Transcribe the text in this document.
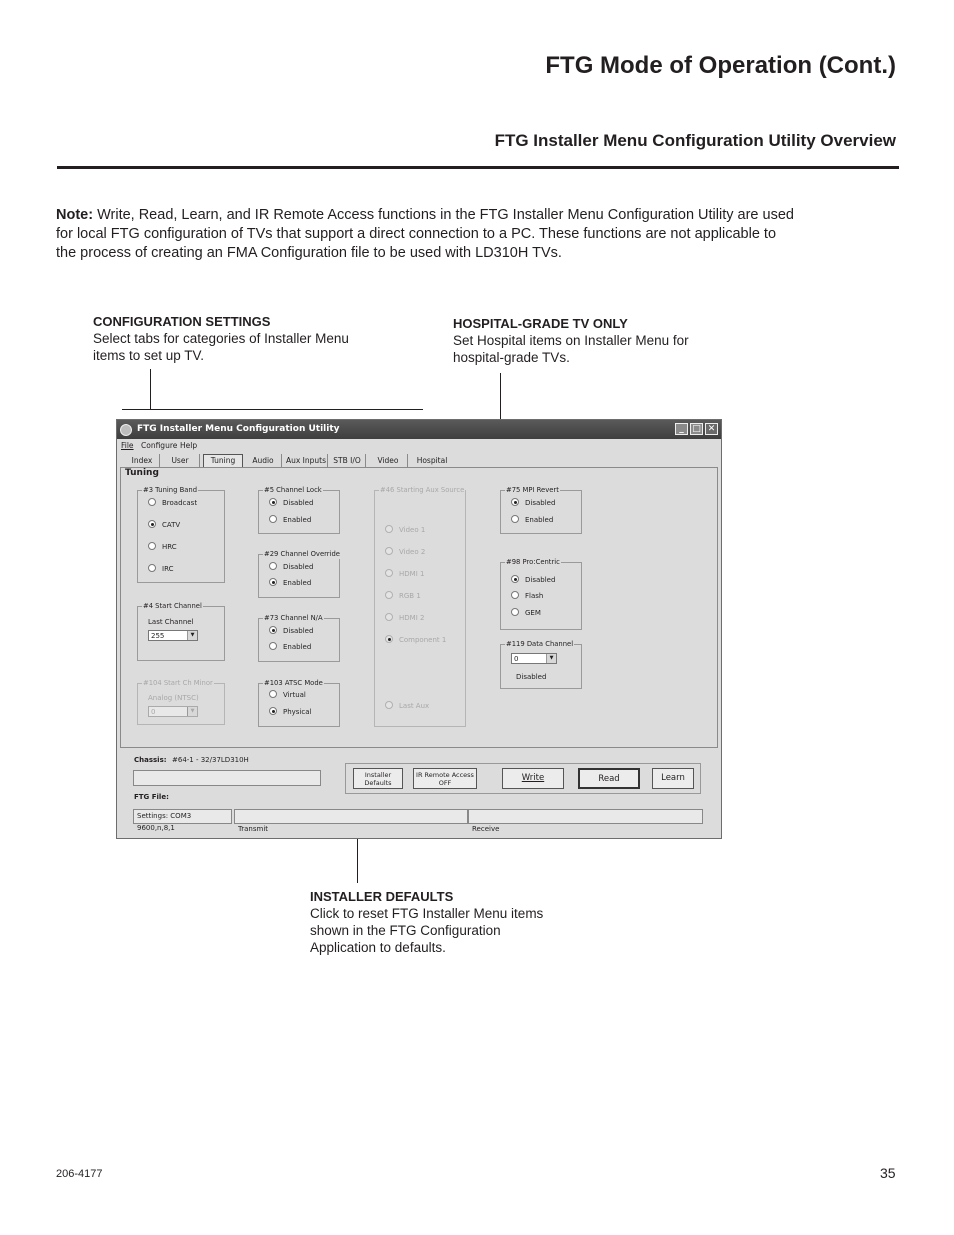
FTG Mode of Operation (Cont.)
FTG Installer Menu Configuration Utility Overview
Note: Write, Read, Learn, and IR Remote Access functions in the FTG Installer Menu Configuration Utility are used for local FTG configuration of TVs that support a direct connection to a PC. These functions are not applicable to the process of creating an FMA Configuration file to be used with LD310H TVs.
CONFIGURATION SETTINGS
Select tabs for categories of Installer Menu items to set up TV.
HOSPITAL-GRADE TV ONLY
Set Hospital items on Installer Menu for hospital-grade TVs.
INSTALLER DEFAULTS
Click to reset FTG Installer Menu items shown in the FTG Configuration Application to defaults.
FTG Installer Menu Configuration Utility	_ □ ✕
File Configure Help
Index	User	Tuning	Audio	Aux Inputs STB I/O	Video	Hospital
Tuning
#3 Tuning Band
Broadcast
CATV
HRC
IRC
#4 Start Channel
Last Channel
255	▼
#104 Start Ch Minor
Analog (NTSC)
0	▼
#5 Channel Lock
Disabled
Enabled
#29 Channel Override
Disabled
Enabled
#73 Channel N/A
Disabled
Enabled
#103 ATSC Mode
Virtual
Physical
#46 Starting Aux Source
Video 1
Video 2
HDMI 1
RGB 1
HDMI 2
Component 1
Last Aux
#75 MPI Revert
Disabled
Enabled
#98 Pro:Centric
Disabled
Flash
GEM
#119 Data Channel
0	▼
Disabled
Chassis: #64-1 - 32/37LD310H
FTG File:
Installer Defaults
IR Remote Access OFF	Write	Read	Learn
Settings: COM3 9600,n,8,1	Transmit	Receive
206-4177	35
